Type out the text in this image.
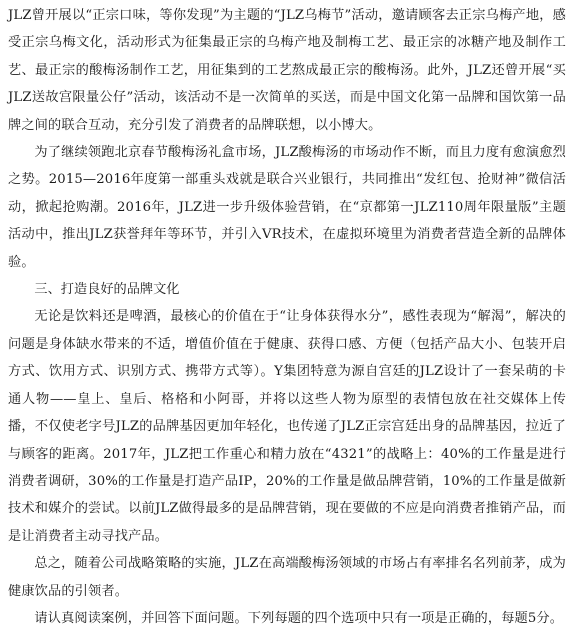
JLZ曾开展以“正宗口味，等你发现”为主题的“JLZ乌梅节”活动，邀请顾客去正宗乌梅产地，感受正宗乌梅文化，活动形式为征集最正宗的乌梅产地及制梅工艺、最正宗的冰糖产地及制作工艺、最正宗的酸梅汤制作工艺，用征集到的工艺熬成最正宗的酸梅汤。此外，JLZ还曾开展“买JLZ送故宫限量公仔”活动，该活动不是一次简单的买送，而是中国文化第一品牌和国饮第一品牌之间的联合互动，充分引发了消费者的品牌联想，以小博大。

为了继续领跑北京春节酸梅汤礼盒市场，JLZ酸梅汤的市场动作不断，而且力度有愈演愈烈之势。2015—2016年度第一部重头戏就是联合兴业银行，共同推出“发红包、抢财神”微信活动，掀起抢购潮。2016年，JLZ进一步升级体验营销，在“京都第一JLZ110周年限量版”主题活动中，推出JLZ获誉拜年等环节，并引入VR技术，在虚拟环境里为消费者营造全新的品牌体验。

三、打造良好的品牌文化

无论是饮料还是啤酒，最核心的价值在于“让身体获得水分”，感性表现为“解渴”，解决的问题是身体缺水带来的不适，增值价值在于健康、获得口感、方便（包括产品大小、包装开启方式、饮用方式、识别方式、携带方式等）。Y集团特意为源自宫廷的JLZ设计了一套呆萌的卡通人物——皇上、皇后、格格和小阿哥，并将以这些人物为原型的表情包放在社交媒体上传播，不仅使老字号JLZ的品牌基因更加年轻化，也传递了JLZ正宗宫廷出身的品牌基因，拉近了与顾客的距离。2017年，JLZ把工作重心和精力放在“4321”的战略上：40%的工作量是进行消费者调研，30%的工作量是打造产品IP，20%的工作量是做品牌营销，10%的工作量是做新技术和媒介的尝试。以前JLZ做得最多的是品牌营销，现在要做的不应是向消费者推销产品，而是让消费者主动寻找产品。

总之，随着公司战略策略的实施，JLZ在高端酸梅汤领域的市场占有率排名名列前茅，成为健康饮品的引领者。

请认真阅读案例，并回答下面问题。下列每题的四个选项中只有一项是正确的，每题5分。
